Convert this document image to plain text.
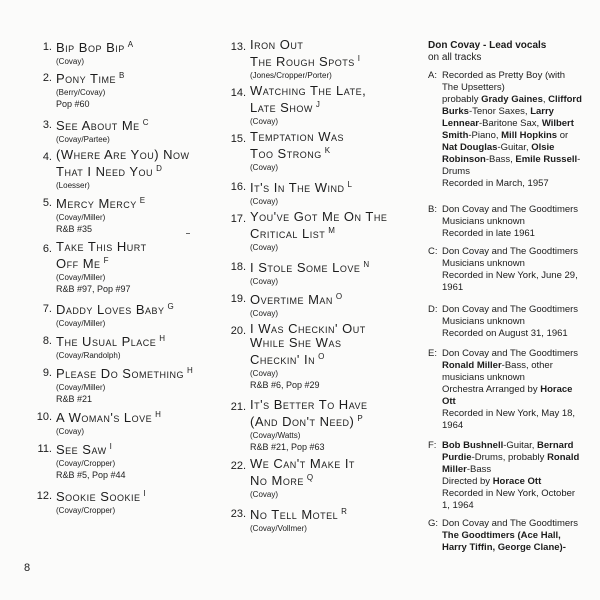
1. Bip Bop Bip $^A$
(Covay)
2. Pony Time $^B$
(Berry/Covay)
Pop #60
3. See About Me $^C$
(Covay/Partee)
4. (Where Are You) Now
That I Need You $^D$
(Loesser)
5. Mercy Mercy $^E$
(Covay/Miller)
R&B #35
6. Take This Hurt
Off Me $^F$
(Covay/Miller)
R&B #97, Pop #97
7. Daddy Loves Baby $^G$
(Covay/Miller)
8. The Usual Place $^H$
(Covay/Randolph)
9. Please Do Something $^H$
(Covay/Miller)
R&B #21
10. A Woman's Love $^H$
(Covay)
11. See Saw $^I$
(Covay/Cropper)
R&B #5, Pop #44
12. Sookie Sookie $^I$
(Covay/Cropper)
13. Iron Out
The Rough Spots $^I$
(Jones/Cropper/Porter)
14. Watching The Late,
Late Show $^J$
(Covay)
15. Temptation Was
Too Strong $^K$
(Covay)
16. It's In The Wind $^L$
(Covay)
17. You've Got Me On The
Critical List $^M$
(Covay)
18. I Stole Some Love $^N$
(Covay)
19. Overtime Man $^O$
(Covay)
20. I Was Checkin' Out
While She Was
Checkin' In $^O$
(Covay)
R&B #6, Pop #29
21. It's Better To Have
(And Don't Need) $^P$
(Covay/Watts)
R&B #21, Pop #63
22. We Can't Make It
No More $^Q$
(Covay)
23. No Tell Motel $^R$
(Covay/Vollmer)
Don Covay - Lead vocals
on all tracks
A: Recorded as Pretty Boy (with
The Upsetters)
probably Grady Gaines, Clifford
Burks-Tenor Saxes, Larry
Lennear-Baritone Sax, Wilbert
Smith-Piano, Mill Hopkins or
Nat Douglas-Guitar, Olsie
Robinson-Bass, Emile Russell-
Drums
Recorded in March, 1957
B: Don Covay and The Goodtimers
Musicians unknown
Recorded in late 1961
C: Don Covay and The Goodtimers
Musicians unknown
Recorded in New York, June 29,
1961
D: Don Covay and The Goodtimers
Musicians unknown
Recorded on August 31, 1961
E: Don Covay and The Goodtimers
Ronald Miller-Bass, other
musicians unknown
Orchestra Arranged by Horace
Ott
Recorded in New York, May 18,
1964
F: Bob Bushnell-Guitar, Bernard
Purdie-Drums, probably Ronald
Miller-Bass
Directed by Horace Ott
Recorded in New York, October
1, 1964
G: Don Covay and The Goodtimers
The Goodtimers (Ace Hall,
Harry Tiffin, George Clane)-
8
